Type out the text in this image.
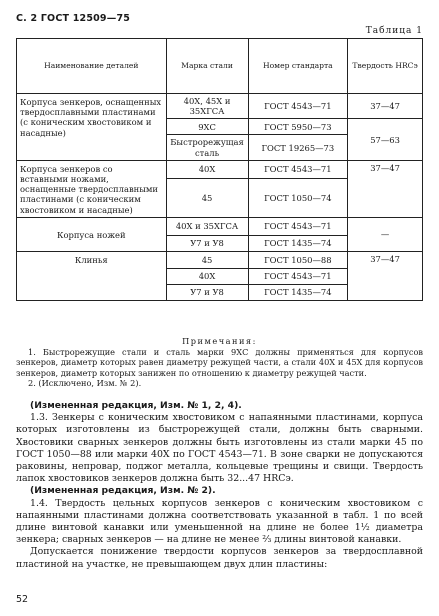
С. 2 ГОСТ 12509—75
Таблица 1
Наименование деталей	Марка стали	Номер стандарта	Твердость HRCэ
Корпуса зенкеров, оснащенных твердосплавными пластинами (с коническим хвостовиком и насадные)	40Х, 45Х и 35ХГСА	ГОСТ 4543—71	37—47
	9ХС	ГОСТ 5950—73	57—63
	Быстрорежущая сталь	ГОСТ 19265—73	
Корпуса зенкеров со вставными ножами, оснащенные твердосплавными пластинами (с коническим хвостовиком и насадные)	40Х	ГОСТ 4543—71	37—47
	45	ГОСТ 1050—74	
Корпуса ножей	40Х и 35ХГСА	ГОСТ 4543—71	—
	У7 и У8	ГОСТ 1435—74	
Клинья	45	ГОСТ 1050—88	37—47
	40Х	ГОСТ 4543—71	
	У7 и У8	ГОСТ 1435—74	
Примечания:

1. Быстрорежущие стали и сталь марки 9ХС должны применяться для корпусов зенкеров, диаметр которых равен диаметру режущей части, а стали 40Х и 45Х для корпусов зенкеров, диаметр которых занижен по отношению к диаметру режущей части.

2. (Исключено, Изм. № 2).

(Измененная редакция, Изм. № 1, 2, 4).

1.3. Зенкеры с коническим хвостовиком с напаянными пластинами, корпуса которых изготовлены из быстрорежущей стали, должны быть сварными. Хвостовики сварных зенкеров должны быть изготовлены из стали марки 45 по ГОСТ 1050—88 или марки 40Х по ГОСТ 4543—71. В зоне сварки не допускаются раковины, непровар, поджог металла, кольцевые трещины и свищи. Твердость лапок хвостовиков зенкеров должна быть 32...47 HRCэ.

(Измененная редакция, Изм. № 2).

1.4. Твердость цельных корпусов зенкеров с коническим хвостовиком с напаянными пластинами должна соответствовать указанной в табл. 1 по всей длине винтовой канавки или уменьшенной на длине не более 1½ диаметра зенкера; сварных зенкеров — на длине не менее ⅔ длины винтовой канавки.

Допускается понижение твердости корпусов зенкеров за твердосплавной пластиной на участке, не превышающем двух длин пластины:

52
